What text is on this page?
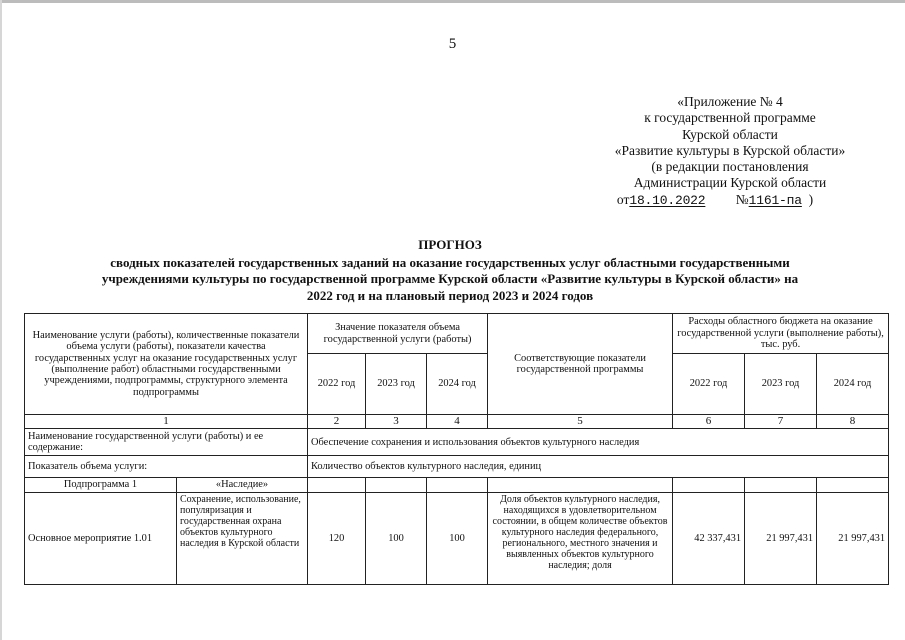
5
«Приложение № 4
к государственной программе
Курской области
«Развитие культуры в Курской области»
(в редакции постановления
Администрации Курской области
от18.10.2022 №1161-па )
ПРОГНОЗ
сводных показателей государственных заданий на оказание государственных услуг областными государственными
учреждениями культуры по государственной программе Курской области «Развитие культуры в Курской области» на
2022 год и на плановый период 2023 и 2024 годов
Наименование услуги (работы), количественные показатели объема услуги (работы), показатели качества государственных услуг на оказание государственных услуг (выполнение работ) областными государственными учреждениями, подпрограммы, структурного элемента подпрограммы		Значение показателя объема государственной услуги (работы)			Соответствующие показатели государственной программы	Расходы областного бюджета на оказание государственной услуги (выполнение работы), тыс. руб.		
		2022 год	2023 год	2024 год		2022 год	2023 год	2024 год
1		2	3	4	5	6	7	8
Наименование государственной услуги (работы) и ее содержание:		Обеспечение сохранения и использования объектов культурного наследия						
Показатель объема услуги:		Количество объектов культурного наследия, единиц						
Подпрограмма 1	«Наследие»							
Основное мероприятие 1.01	Сохранение, использование, популяризация и государственная охрана объектов культурного наследия в Курской области	120	100	100	Доля объектов культурного наследия, находящихся в удовлетворительном состоянии, в общем количестве объектов культурного наследия федерального, регионального, местного значения и выявленных объектов культурного наследия; доля	42 337,431	21 997,431	21 997,431
